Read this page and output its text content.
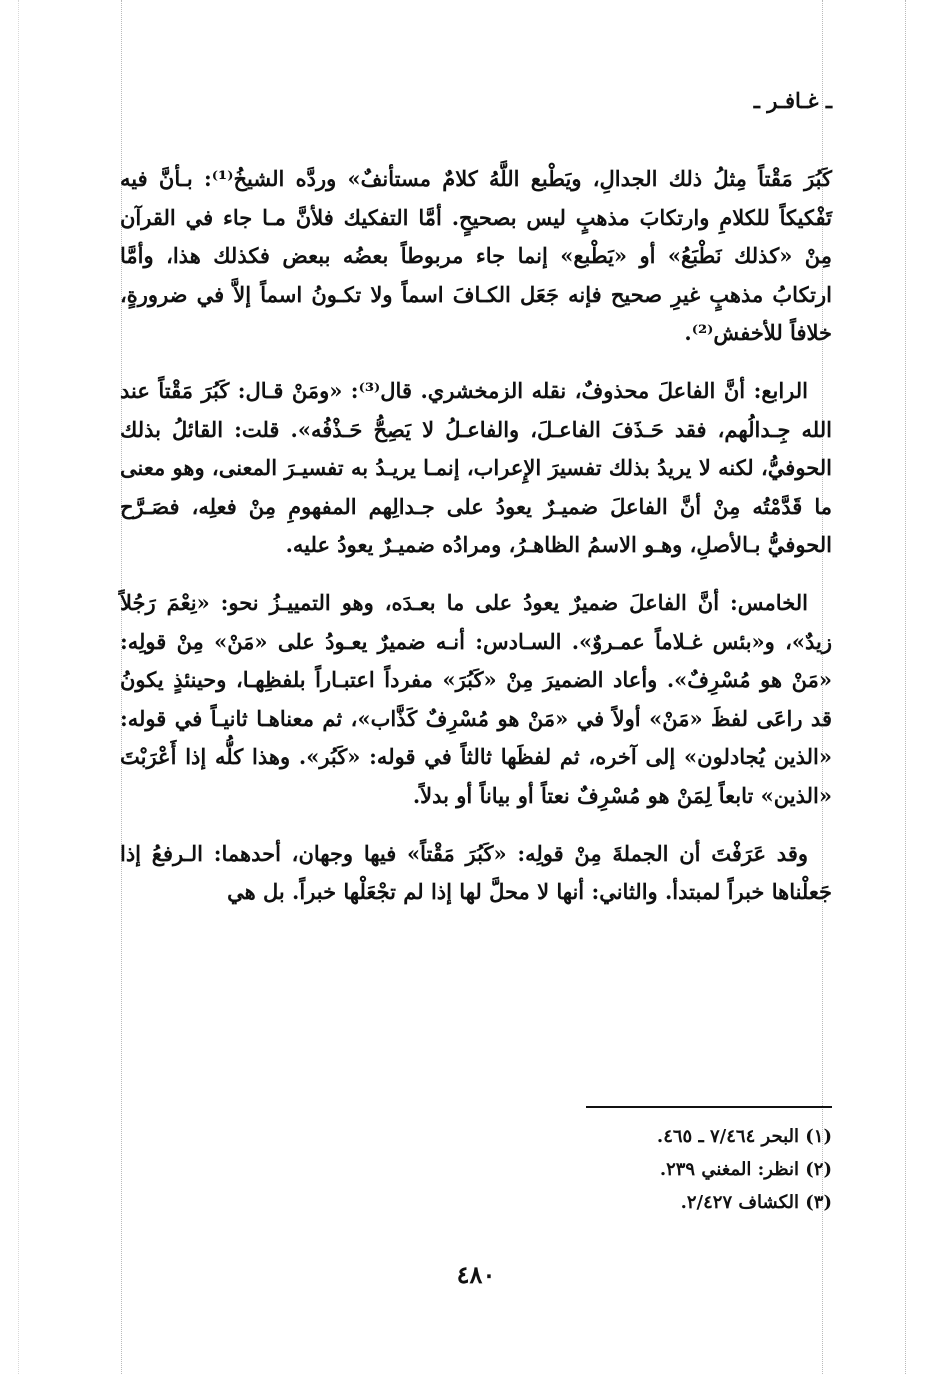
ـ غـافـر ـ

كَبُرَ مَقْتاً مِثلُ ذلك الجدالِ، ويَطْبع اللَّهُ كلامٌ مستأنفٌ» وردَّه الشيخُ⁽¹⁾: بـأنَّ فيه تَفْكيكاً للكلامِ وارتكابَ مذهبٍ ليس بصحيحٍ. أمَّا التفكيك فلأنَّ مـا جاء في القرآن مِنْ «كذلك نَطْبَعُ» أو «يَطْبع» إنما جاء مربوطاً بعضُه ببعض فكذلك هذا، وأمَّا ارتكابُ مذهبٍ غيرِ صحيح فإنه جَعَل الكـافَ اسماً ولا تكـونُ اسماً إلاَّ في ضرورةٍ، خلافاً للأخفش⁽²⁾.

الرابع: أنَّ الفاعلَ محذوفٌ، نقله الزمخشري. قال⁽³⁾: «ومَنْ قـال: كَبُرَ مَقْتاً عند الله جِـدالُهم، فقد حَـذَفَ الفاعـلَ، والفاعـلُ لا يَصِحُّ حَـذْفُه». قلت: القائلُ بذلك الحوفيُّ، لكنه لا يريدُ بذلك تفسيرَ الإِعراب، إنمـا يريـدُ به تفسيـرَ المعنى، وهو معنى ما قَدَّمْتُه مِنْ أنَّ الفاعلَ ضميـرٌ يعودُ على جـدالِهم المفهومِ مِنْ فعلِه، فصَـرَّح الحوفيُّ بـالأصلِ، وهـو الاسمُ الظاهـرُ، ومرادُه ضميـرٌ يعودُ عليه.

الخامس: أنَّ الفاعلَ ضميرٌ يعودُ على ما بعـدَه، وهو التمييـزُ نحو: «نِعْمَ رَجُلاً زيدٌ»، و«بئس غـلاماً عمـروٌ». السـادس: أنـه ضميرٌ يعـودُ على «مَنْ» مِنْ قولِه: «مَنْ هو مُسْرِفٌ». وأعاد الضميرَ مِنْ «كَبُرَ» مفرداً اعتبـاراً بلفظِهـا، وحينئذٍ يكونُ قد راعَى لفظَ «مَنْ» أولاً في «مَنْ هو مُسْرِفٌ كَذَّاب»، ثم معناهـا ثانيـاً في قوله: «الذين يُجادلون» إلى آخره، ثم لفظَها ثالثاً في قوله: «كَبُر». وهذا كلُّه إذا أَعْرَبْتَ «الذين» تابعاً لِمَنْ هو مُسْرِفٌ نعتاً أو بياناً أو بدلاً.

وقد عَرَفْتَ أن الجملةَ مِنْ قولِه: «كَبُرَ مَقْتاً» فيها وجهان، أحدهما: الـرفعُ إذا جَعلْناها خبراً لمبتدأ. والثاني: أنها لا محلَّ لها إذا لم تجْعَلْها خبراً. بل هي

(١) البحر ٧/٤٦٤ ـ ٤٦٥.
(٢) انظر: المغني ٢٣٩.
(٣) الكشاف ٢/٤٢٧.
٤٨٠
